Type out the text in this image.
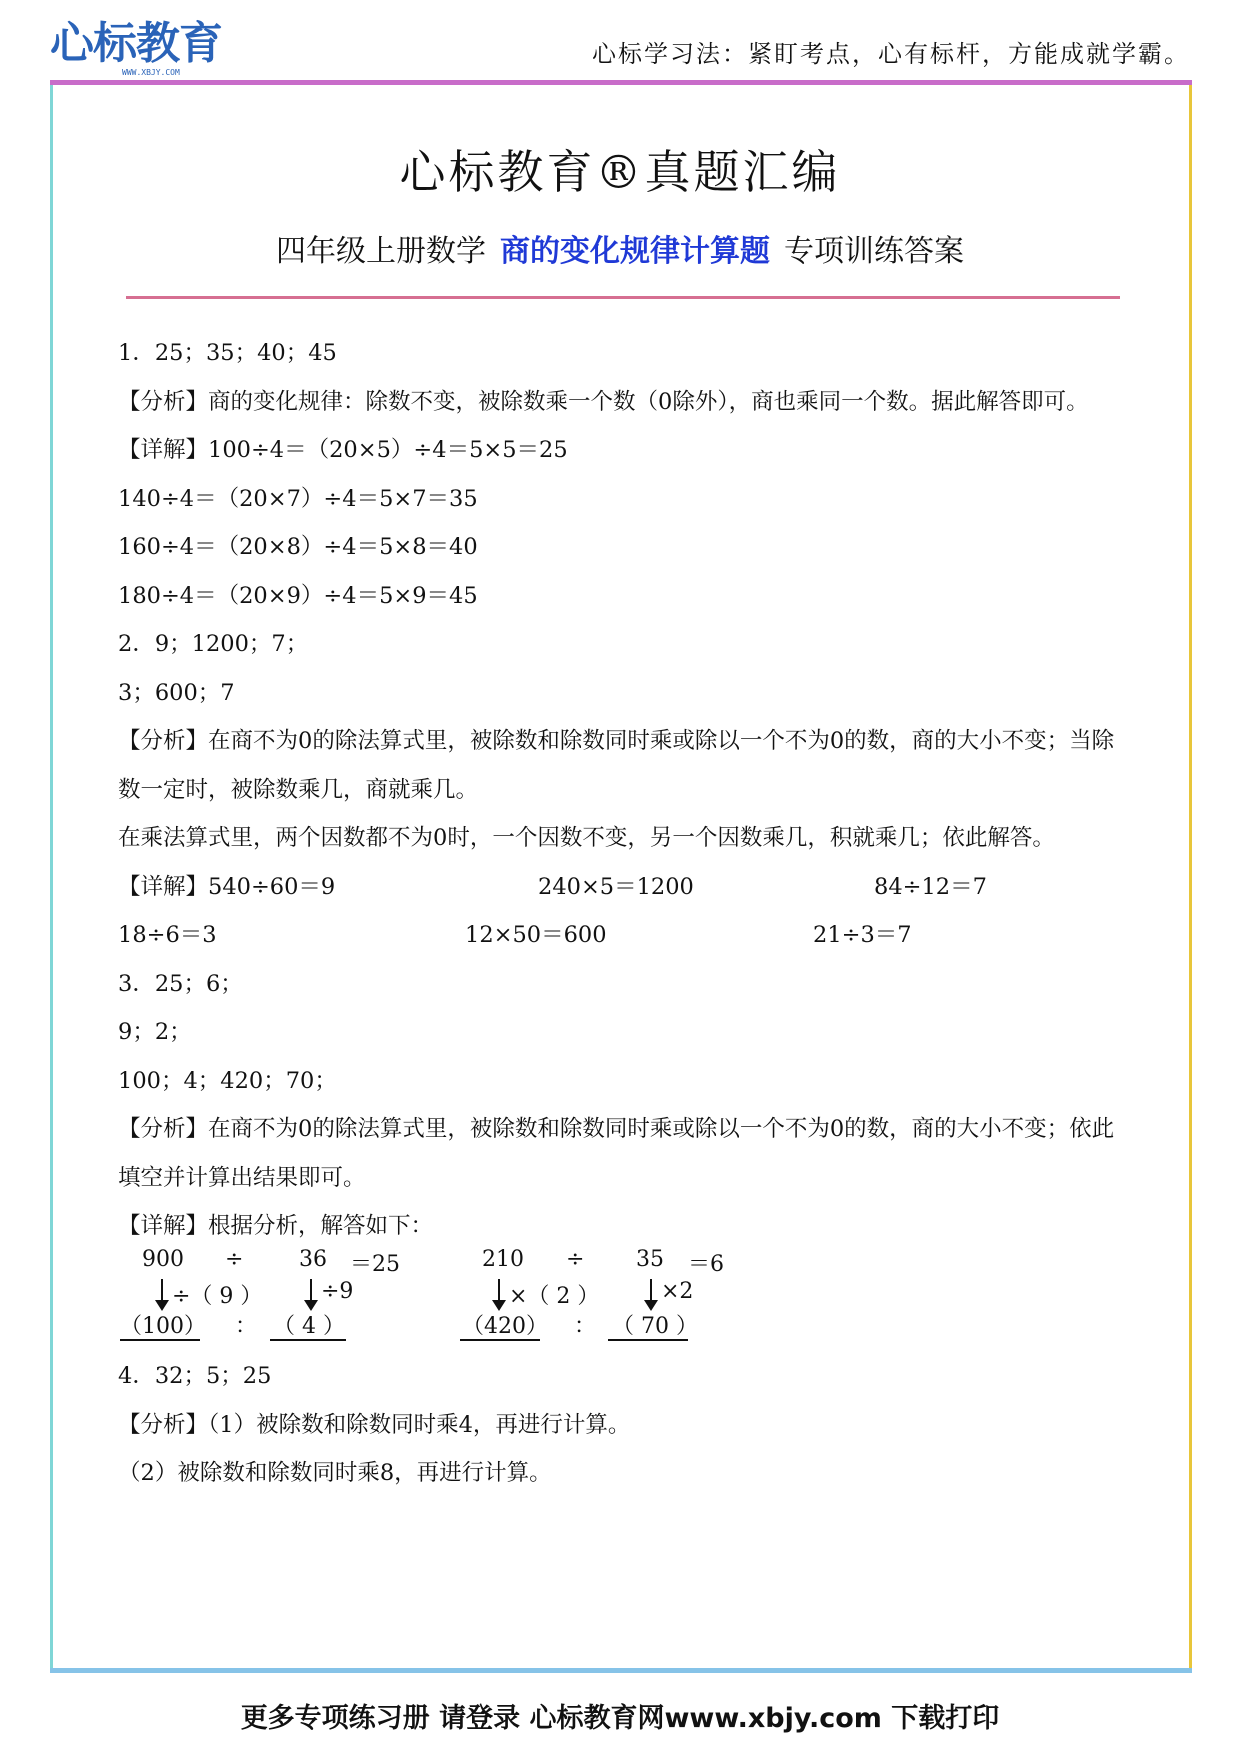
心标教育
WWW.XBJY.COM
心标学习法：紧盯考点，心有标杆，方能成就学霸。
心标教育®真题汇编
四年级上册数学 商的变化规律计算题 专项训练答案
1．25；35；40；45
【分析】商的变化规律：除数不变，被除数乘一个数（0除外），商也乘同一个数。据此解答即可。
【详解】100÷4＝（20×5）÷4＝5×5＝25
140÷4＝（20×7）÷4＝5×7＝35
160÷4＝（20×8）÷4＝5×8＝40
180÷4＝（20×9）÷4＝5×9＝45
2．9；1200；7；
3；600；7
【分析】在商不为0的除法算式里，被除数和除数同时乘或除以一个不为0的数，商的大小不变；当除数一定时，被除数乘几，商就乘几。
在乘法算式里，两个因数都不为0时，一个因数不变，另一个因数乘几，积就乘几；依此解答。
【详解】540÷60＝9	240×5＝1200	84÷12＝7
18÷6＝3	12×50＝600	21÷3＝7
3．25；6；
9；2；
100；4；420；70；
【分析】在商不为0的除法算式里，被除数和除数同时乘或除以一个不为0的数，商的大小不变；依此填空并计算出结果即可。
【详解】根据分析，解答如下：
900 ÷	36 ＝25
÷（ 9 ）	÷9
（100） ： （ 4 ）
210 ÷ 35 ＝6
×（ 2 ）	×2
（420） ： （ 70 ）
4．32；5；25
【分析】（1）被除数和除数同时乘4，再进行计算。
（2）被除数和除数同时乘8，再进行计算。
更多专项练习册 请登录 心标教育网www.xbjy.com 下载打印
